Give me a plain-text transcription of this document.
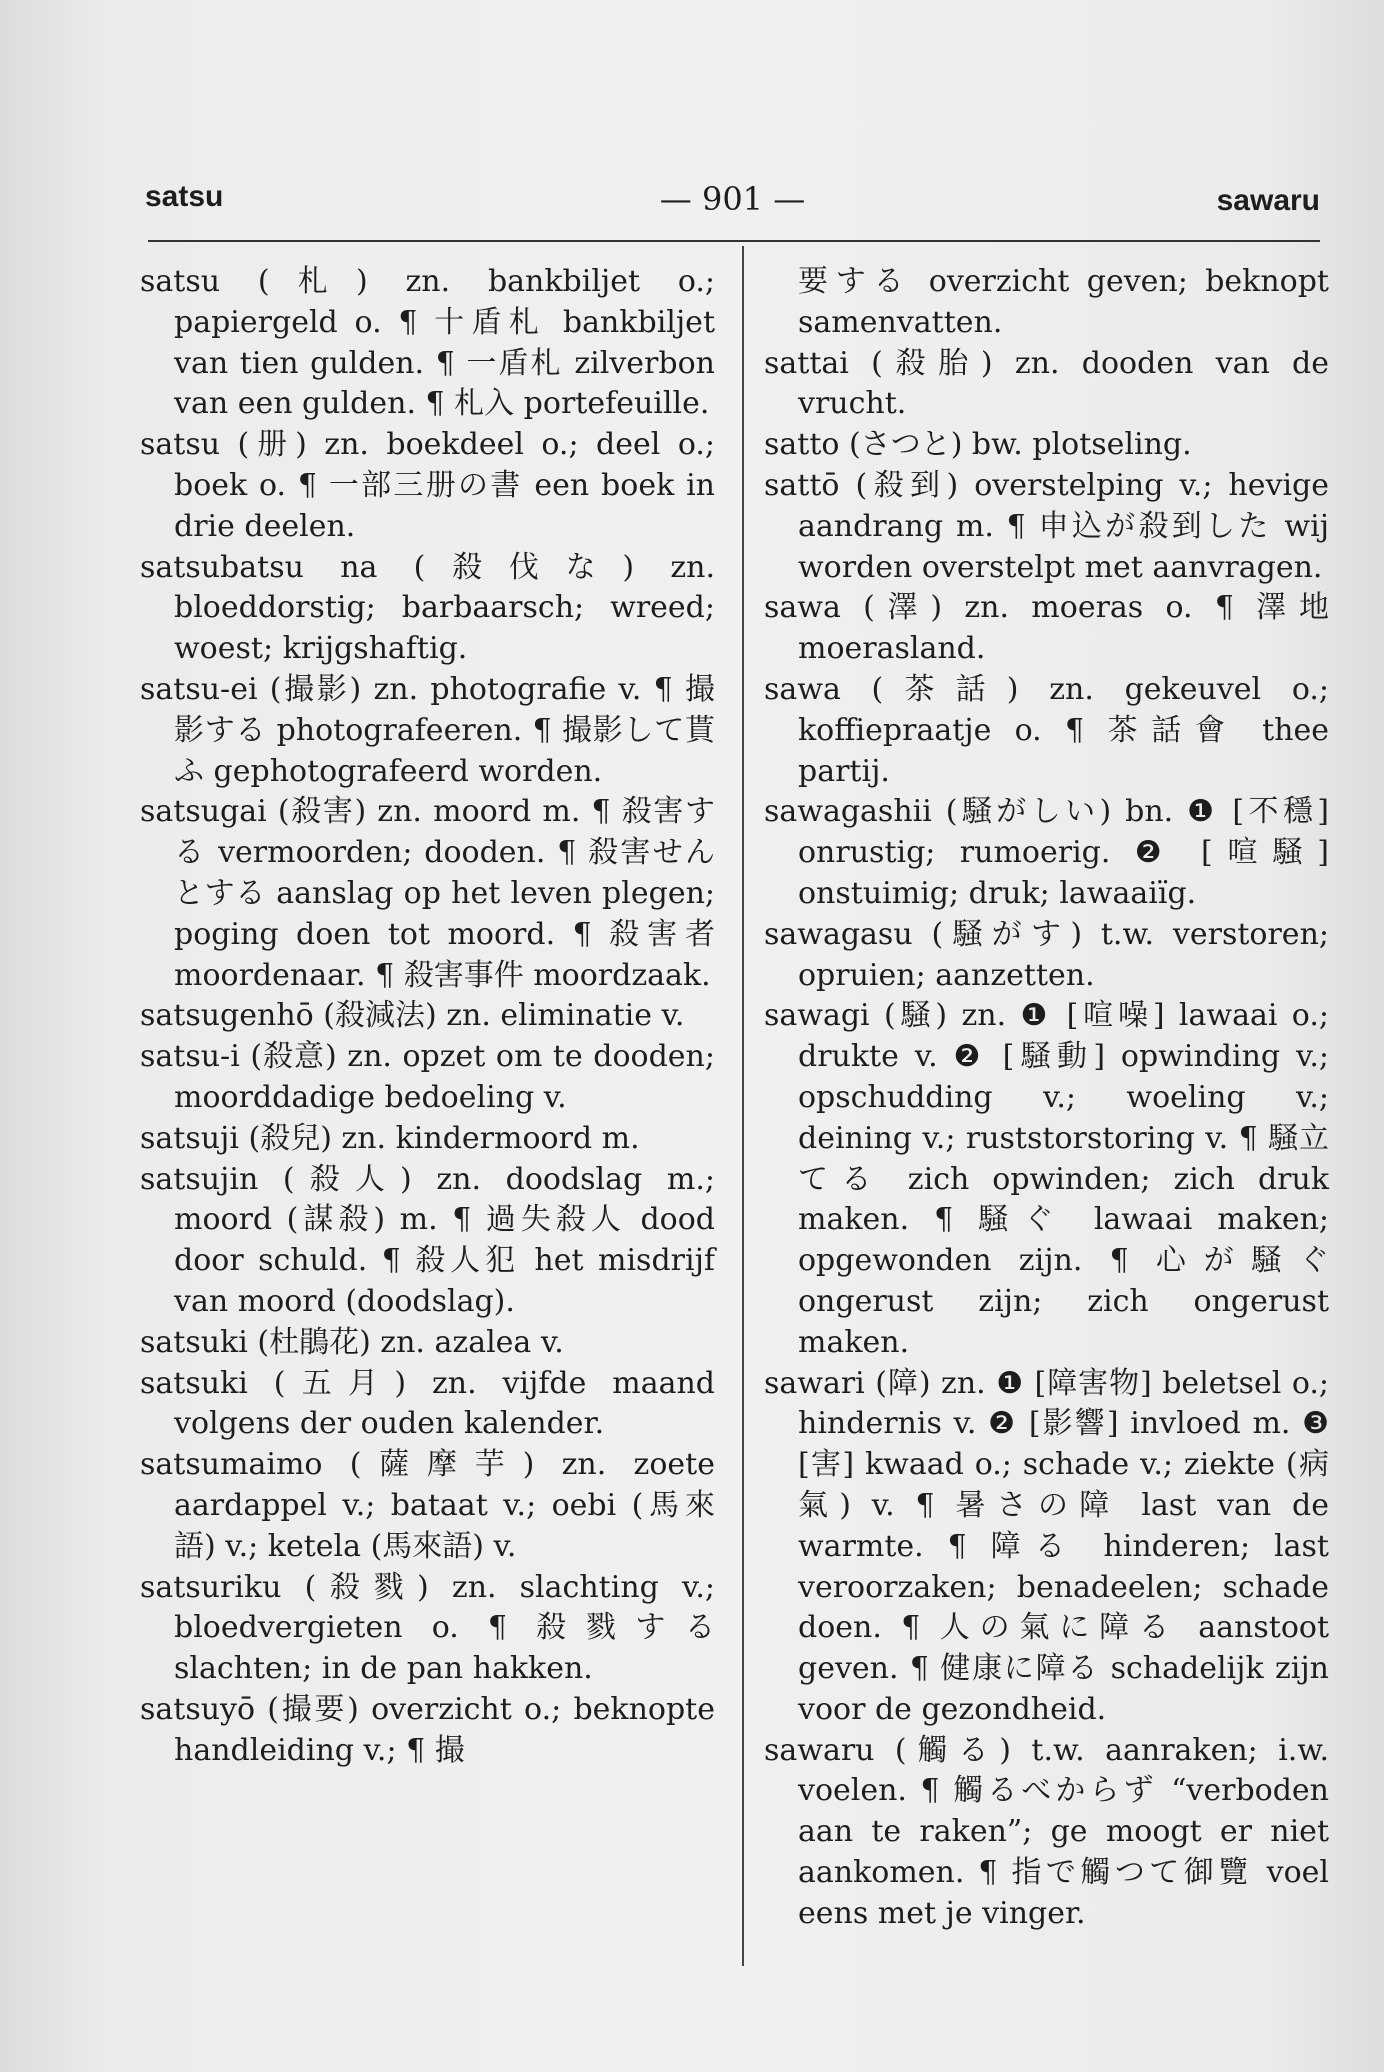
satsu	— 901 —	sawaru

satsu (札) zn. bankbiljet o.; papiergeld o. ¶ 十盾札 bankbiljet van tien gulden. ¶ 一盾札 zilverbon van een gulden. ¶ 札入 portefeuille.

satsu (册) zn. boekdeel o.; deel o.; boek o. ¶ 一部三册の書 een boek in drie deelen.

satsubatsu na (殺伐な) zn. bloeddorstig; barbaarsch; wreed; woest; krijgshaftig.

satsu-ei (撮影) zn. photografie v. ¶ 撮影する photografeeren. ¶ 撮影して貰ふ gephotografeerd worden.

satsugai (殺害) zn. moord m. ¶ 殺害する vermoorden; dooden. ¶ 殺害せんとする aanslag op het leven plegen; poging doen tot moord. ¶ 殺害者 moordenaar. ¶ 殺害事件 moordzaak.

satsugenhō (殺減法) zn. eliminatie v.

satsu-i (殺意) zn. opzet om te dooden; moorddadige bedoeling v.

satsuji (殺兒) zn. kindermoord m.

satsujin (殺人) zn. doodslag m.; moord (謀殺) m. ¶ 過失殺人 dood door schuld. ¶ 殺人犯 het misdrijf van moord (doodslag).

satsuki (杜鵑花) zn. azalea v.

satsuki (五月) zn. vijfde maand volgens der ouden kalender.

satsumaimo (薩摩芋) zn. zoete aardappel v.; bataat v.; oebi (馬來語) v.; ketela (馬來語) v.

satsuriku (殺戮) zn. slachting v.; bloedvergieten o. ¶ 殺戮する slachten; in de pan hakken.

satsuyō (撮要) overzicht o.; beknopte handleiding v.; ¶ 撮

要する overzicht geven; beknopt samenvatten.

sattai (殺胎) zn. dooden van de vrucht.

satto (さつと) bw. plotseling.

sattō (殺到) overstelping v.; hevige aandrang m. ¶ 申込が殺到した wij worden overstelpt met aanvragen.

sawa (澤) zn. moeras o. ¶ 澤地 moerasland.

sawa (茶話) zn. gekeuvel o.; koffiepraatje o. ¶ 茶話會 thee partij.

sawagashii (騒がしい) bn. ❶ [不穩] onrustig; rumoerig. ❷ [喧騒] onstuimig; druk; lawaaiïg.

sawagasu (騒がす) t.w. verstoren; opruien; aanzetten.

sawagi (騒) zn. ❶ [喧噪] lawaai o.; drukte v. ❷ [騒動] opwinding v.; opschudding v.; woeling v.; deining v.; ruststorstoring v. ¶ 騒立てる zich opwinden; zich druk maken. ¶ 騒ぐ lawaai maken; opgewonden zijn. ¶ 心が騒ぐ ongerust zijn; zich ongerust maken.

sawari (障) zn. ❶ [障害物] beletsel o.; hindernis v. ❷ [影響] invloed m. ❸ [害] kwaad o.; schade v.; ziekte (病氣) v. ¶ 暑さの障 last van de warmte. ¶ 障る hinderen; last veroorzaken; benadeelen; schade doen. ¶ 人の氣に障る aanstoot geven. ¶ 健康に障る schadelijk zijn voor de gezondheid.

sawaru (觸る) t.w. aanraken; i.w. voelen. ¶ 觸るべからず “verboden aan te raken”; ge moogt er niet aankomen. ¶ 指で觸つて御覽 voel eens met je vinger.
